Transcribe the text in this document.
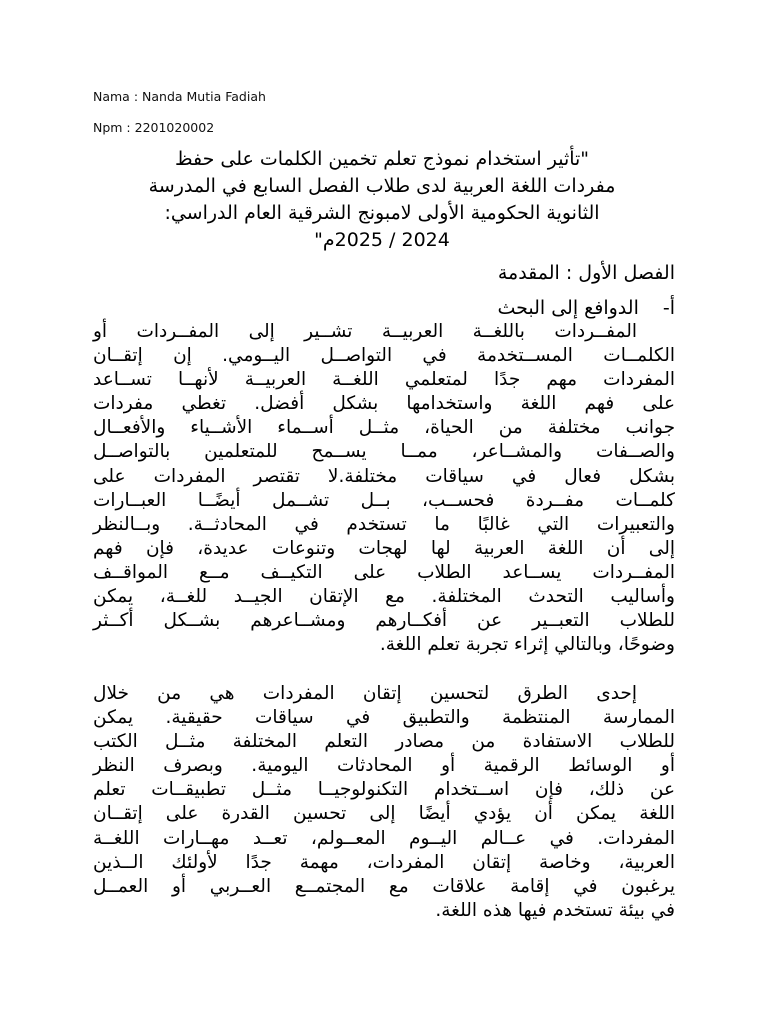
Nama : Nanda Mutia Fadiah
Npm : 2201020002
"تأثير استخدام نموذج تعلم تخمين الكلمات على حفظ
مفردات اللغة العربية لدى طلاب الفصل السابع في المدرسة
الثانوية الحكومية الأولى لامبونج الشرقية العام الدراسي:
2024 / 2025م"
الفصل الأول : المقدمة
أ-الدوافع إلى البحث
المفــردات باللغــة العربيــة تشــير إلى المفــردات أو
الكلمــات المســتخدمة في التواصــل اليــومي. إن إتقــان
المفردات مهم جدًا لمتعلمي اللغــة العربيــة لأنهــا تســاعد
على فهم اللغة واستخدامها بشكل أفضل. تغطي مفردات
جوانب مختلفة من الحياة، مثــل أســماء الأشــياء والأفعــال
والصــفات والمشــاعر، ممــا يســمح للمتعلمين بالتواصــل
بشكل فعال في سياقات مختلفة.لا تقتصر المفردات على
كلمــات مفــردة فحســب، بــل تشــمل أيضًــا العبــارات
والتعبيرات التي غالبًا ما تستخدم في المحادثــة. وبــالنظر
إلى أن اللغة العربية لها لهجات وتنوعات عديدة، فإن فهم
المفــردات يســاعد الطلاب على التكيــف مــع المواقــف
وأساليب التحدث المختلفة. مع الإتقان الجيــد للغــة، يمكن
للطلاب التعبــير عن أفكــارهم ومشــاعرهم بشــكل أكــثر
وضوحًا، وبالتالي إثراء تجربة تعلم اللغة.
إحدى الطرق لتحسين إتقان المفردات هي من خلال
الممارسة المنتظمة والتطبيق في سياقات حقيقية. يمكن
للطلاب الاستفادة من مصادر التعلم المختلفة مثــل الكتب
أو الوسائط الرقمية أو المحادثات اليومية. وبصرف النظر
عن ذلك، فإن اســتخدام التكنولوجيــا مثــل تطبيقــات تعلم
اللغة يمكن أن يؤدي أيضًا إلى تحسين القدرة على إتقــان
المفردات. في عــالم اليــوم المعــولم، تعــد مهــارات اللغــة
العربية، وخاصة إتقان المفردات، مهمة جدًا لأولئك الــذين
يرغبون في إقامة علاقات مع المجتمــع العــربي أو العمــل
في بيئة تستخدم فيها هذه اللغة.
